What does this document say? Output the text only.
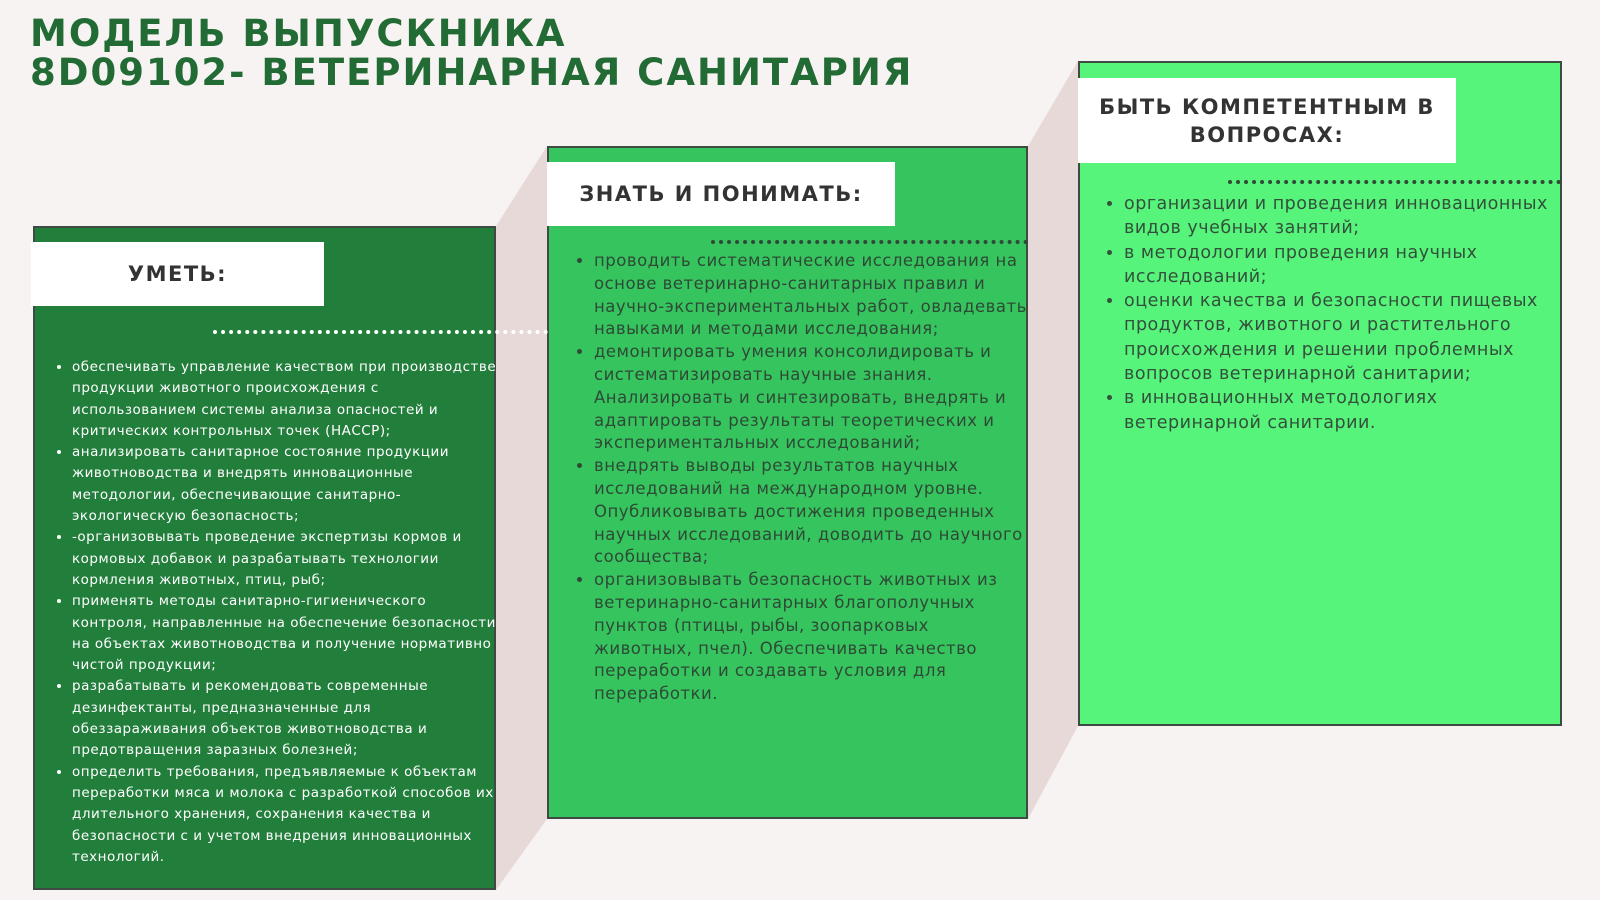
МОДЕЛЬ ВЫПУСКНИКА
8D09102- ВЕТЕРИНАРНАЯ САНИТАРИЯ
УМЕТЬ:
ЗНАТЬ И ПОНИМАТЬ:
БЫТЬ КОМПЕТЕНТНЫМ В ВОПРОСАХ:
• обеспечивать управление качеством при производстве продукции животного происхождения с использованием системы анализа опасностей и критических контрольных точек (НАССР);
• анализировать санитарное состояние продукции животноводства и внедрять инновационные методологии, обеспечивающие санитарно-экологическую безопасность;
• -организовывать проведение экспертизы кормов и кормовых добавок и разрабатывать технологии кормления животных, птиц, рыб;
• применять методы санитарно-гигиенического контроля, направленные на обеспечение безопасности на объектах животноводства и получение нормативно чистой продукции;
• разрабатывать и рекомендовать современные дезинфектанты, предназначенные для обеззараживания объектов животноводства и предотвращения заразных болезней;
• определить требования, предъявляемые к объектам переработки мяса и молока с разработкой способов их длительного хранения, сохранения качества и безопасности с и учетом внедрения инновационных технологий.
• проводить систематические исследования на основе ветеринарно-санитарных правил и научно-экспериментальных работ, овладевать навыками и методами исследования;
• демонтировать умения консолидировать и систематизировать научные знания. Анализировать и синтезировать, внедрять и адаптировать результаты теоретических и экспериментальных исследований;
• внедрять выводы результатов научных исследований на международном уровне. Опубликовывать достижения проведенных научных исследований, доводить до научного сообщества;
• организовывать безопасность животных из ветеринарно-санитарных благополучных пунктов (птицы, рыбы, зоопарковых животных, пчел). Обеспечивать качество переработки и создавать условия для переработки.
• организации и проведения инновационных видов учебных занятий;
• в методологии проведения научных исследований;
• оценки качества и безопасности пищевых продуктов, животного и растительного происхождения и решении проблемных вопросов ветеринарной санитарии;
• в инновационных методологиях ветеринарной санитарии.
